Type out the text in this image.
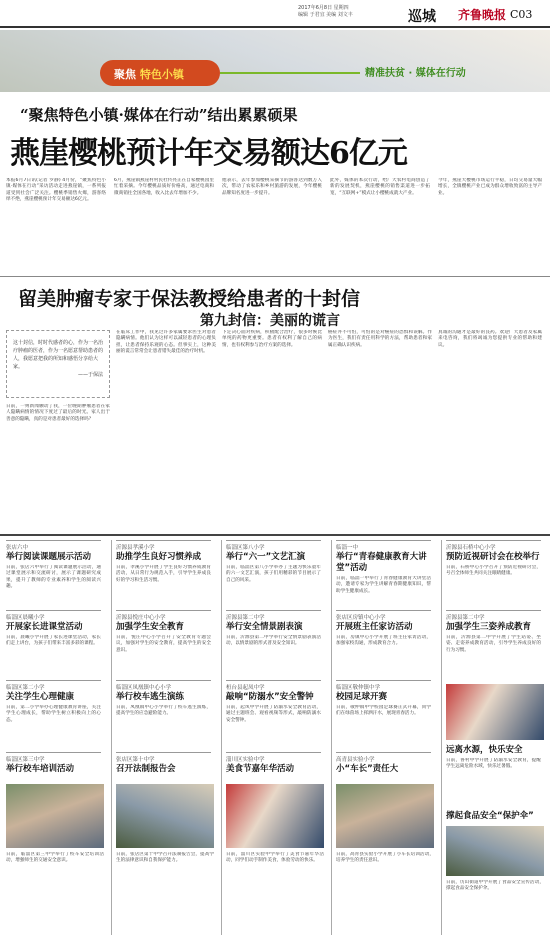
2017年6月8日 星期四
编辑 于君宜 美编 刘文丰	巡城 齐鲁晚报 C03
聚焦 特色小镇	精准扶贫 · 媒体在行动
“聚焦特色小镇·媒体在行动”结出累累硕果
燕崖樱桃预计年交易额达6亿元
本报6月7日讯(记者 罗静) 4月份，“聚焦特色小镇·媒体在行动”采访活动走进燕崖镇，一系列报道受到社会广泛关注。樱桃季销售火爆，游客络绎不绝，燕崖樱桃预计年交易额达6亿元。
6月，燕崖镇燕崖村村民杜传亮正在自家樱桃园里忙着采摘。今年樱桃品质好价格高，通过电商和微商销往全国各地，收入比去年增加不少。
他表示，去年参加樱桃采摘节的游客达到数万人次，带动了农家乐和乡村旅游的发展，今年樱桃品牌知名度进一步提升。
此外，媒体的本次行动，给广大农村电商创造了新的发展契机，燕崖樱桃的销售渠道进一步拓宽，“互联网+”模式让小樱桃成就大产业。
今年，燕崖大樱桃市场运行平稳，日均交易量大幅增长，全镇樱桃产业已成为群众增收致富的主导产业。
留美肿瘤专家于保法教授给患者的十封信
第九封信：美丽的谎言
这十封信，时时代感者的心，作为一名治疗肿瘤的医者，作为一名愿意帮助患者的人，我愿意把我的所知和感悟分享给大家。
——于保法
日前，一则新闻触动了我，一位晚期肿瘤患者在家人隐瞒病情的情况下度过了最后的时光。家人出于善意的隐瞒，真的是对患者最好的选择吗？
在临床工作中，我见过许多家属要求医生对患者隐瞒病情。他们认为这样可以减轻患者的心理负担，让患者保持乐观的心态。但事实上，这种美丽的谎言常常会让患者错失最佳的治疗时机。
下定决心面对疾病，积极配合治疗，很多时候比单纯的药物更重要。患者有权利了解自己的病情，也有权利参与治疗方案的选择。
癌症并不可怕，可怕的是对癌症的恐惧和误解。作为医生，我们有责任用科学的方法，帮助患者和家属正确认识疾病。
真诚的沟通才是最好的良药。欢迎广大患者及家属来电咨询，我们将竭诚为您提供专业的帮助和建议。
张店六中
举行阅读课题展示活动
日前，张店六中举行了阅读课题展示活动，通过课堂展示和交流研讨，展示了课题研究成果，提升了教师的专业素养和学生的阅读兴趣。
沂源县孝溪小学
助推学生良好习惯养成
日前，孝溪小学开展了学生良好习惯养成教育活动，从日常行为规范入手，引导学生养成良好的学习和生活习惯。
临淄区第八小学
举行“六一”文艺汇演
日前，临淄区第八小学举办了主题为快乐童年的六一文艺汇演，孩子们用精彩的节目展示了自己的风采。
临淄一中
举行“青春健康教育大讲堂”活动
日前，临淄一中举行了青春健康教育大讲堂活动，邀请专家为学生讲解青春期健康知识，帮助学生健康成长。
沂源县石桥中心小学
预防近视研讨会在校举行
日前，石桥中心小学召开了预防近视研讨会，号召全体师生共同关注眼睛健康。
临淄区晨曦小学
开展家长进课堂活动
日前，晨曦小学开展了家长进课堂活动，家长们走上讲台，为孩子们带来丰富多彩的课程。
沂源县悦庄中心小学
加强学生安全教育
日前，悦庄中心小学召开了安全教育专题会议，加强对学生的安全教育，提高学生的安全意识。
沂源县第二中学
举行安全情景剧表演
日前，沂源县第二中学举行安全情景剧表演活动，以情景剧的形式普及安全知识。
张店区房镇中心小学
开展班主任家访活动
日前，房镇中心小学开展了班主任家访活动，加强家校沟通，形成教育合力。
沂源县第二中学
加强学生三姿养成教育
日前，沂源县第二中学开展了学生站姿、坐姿、走姿养成教育活动，引导学生养成良好的行为习惯。
临淄区第二小学
关注学生心理健康
日前，第二小学举办心理健康教育讲座，关注学生心理成长，帮助学生树立积极向上的心态。
临淄区凤凰镇中心小学
举行校车逃生演练
日前，凤凰镇中心小学举行了校车逃生演练，提高学生的应急避险能力。
桓台县起凤中学
敲响“防溺水”安全警钟
日前，起凤中学开展了防溺水安全教育活动，通过主题班会、观看视频等形式，敲响防溺水安全警钟。
临淄区敬仲镇中学
校园足球开赛
日前，敬仲镇中学校园足球赛正式开幕，同学们在绿茵场上挥洒汗水，展现青春活力。
临淄区第三中学
举行校车培训活动
日前，临淄区第三中学举行了校车安全培训活动，增强师生的交通安全意识。
张店区第十中学
召开法制报告会
日前，张店区第十中学召开法制报告会，提高学生的法律意识和自我保护能力。
淄川区实验中学
美食节嘉年华活动
日前，淄川区实验中学举行了美食节嘉年华活动，同学们动手制作美食，体验劳动的快乐。
高青县实验小学
小“车长”责任大
日前，高青县实验小学开展了小车长培训活动，培养学生的责任意识。
远离水源，快乐安全
日前，鲁村中学开展了防溺水安全教育，提醒学生远离危险水域，快乐过暑假。
撑起食品安全“保护伞”
日前，历山街道中学开展了食品安全宣传活动，撑起食品安全保护伞。
